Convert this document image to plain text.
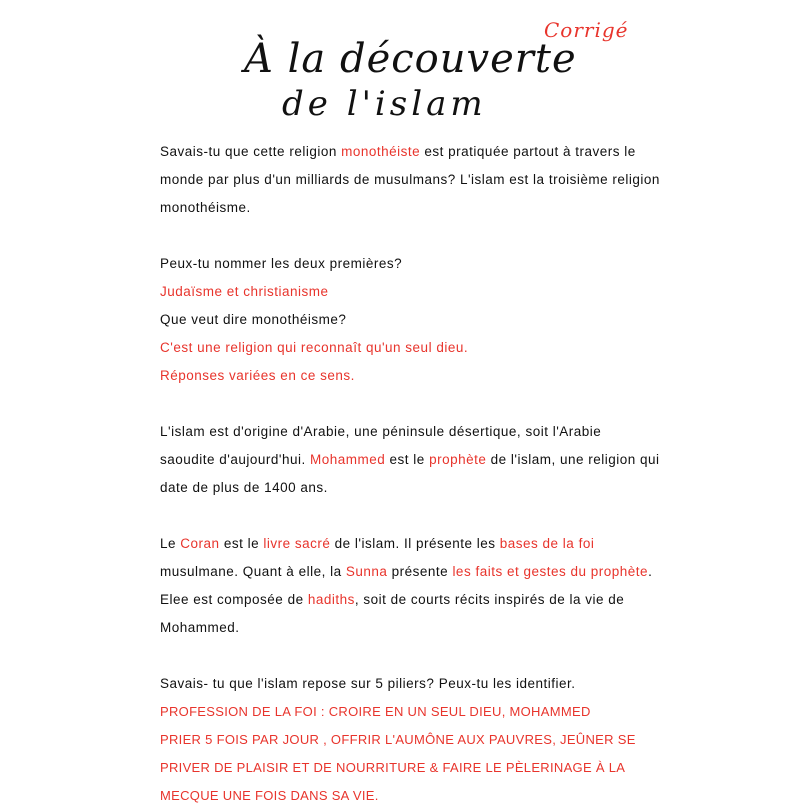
Corrigé
À la découverte
de l'islam

Savais-tu que cette religion monothéiste est pratiquée partout à travers le monde par plus d'un milliards de musulmans? L'islam est la troisième religion monothéisme.

Peux-tu nommer les deux premières?

Judaïsme et christianisme

Que veut dire monothéisme?

C'est une religion qui reconnaît qu'un seul dieu.

Réponses variées en ce sens.

L'islam est d'origine d'Arabie, une péninsule désertique, soit l'Arabie saoudite d'aujourd'hui. Mohammed est le prophète de l'islam, une religion qui date de plus de 1400 ans.

Le Coran est le livre sacré de l'islam. Il présente les bases de la foi musulmane. Quant à elle, la Sunna présente les faits et gestes du prophète. Elee est composée de hadiths, soit de courts récits inspirés de la vie de Mohammed.

Savais- tu que l'islam repose sur 5 piliers? Peux-tu les identifier.

PROFESSION DE LA FOI : CROIRE EN UN SEUL DIEU, MOHAMMED

PRIER 5 FOIS PAR JOUR , OFFRIR L'AUMÔNE AUX PAUVRES, JEÛNER SE PRIVER DE PLAISIR ET DE NOURRITURE & FAIRE LE PÈLERINAGE À LA MECQUE UNE FOIS DANS SA VIE.
